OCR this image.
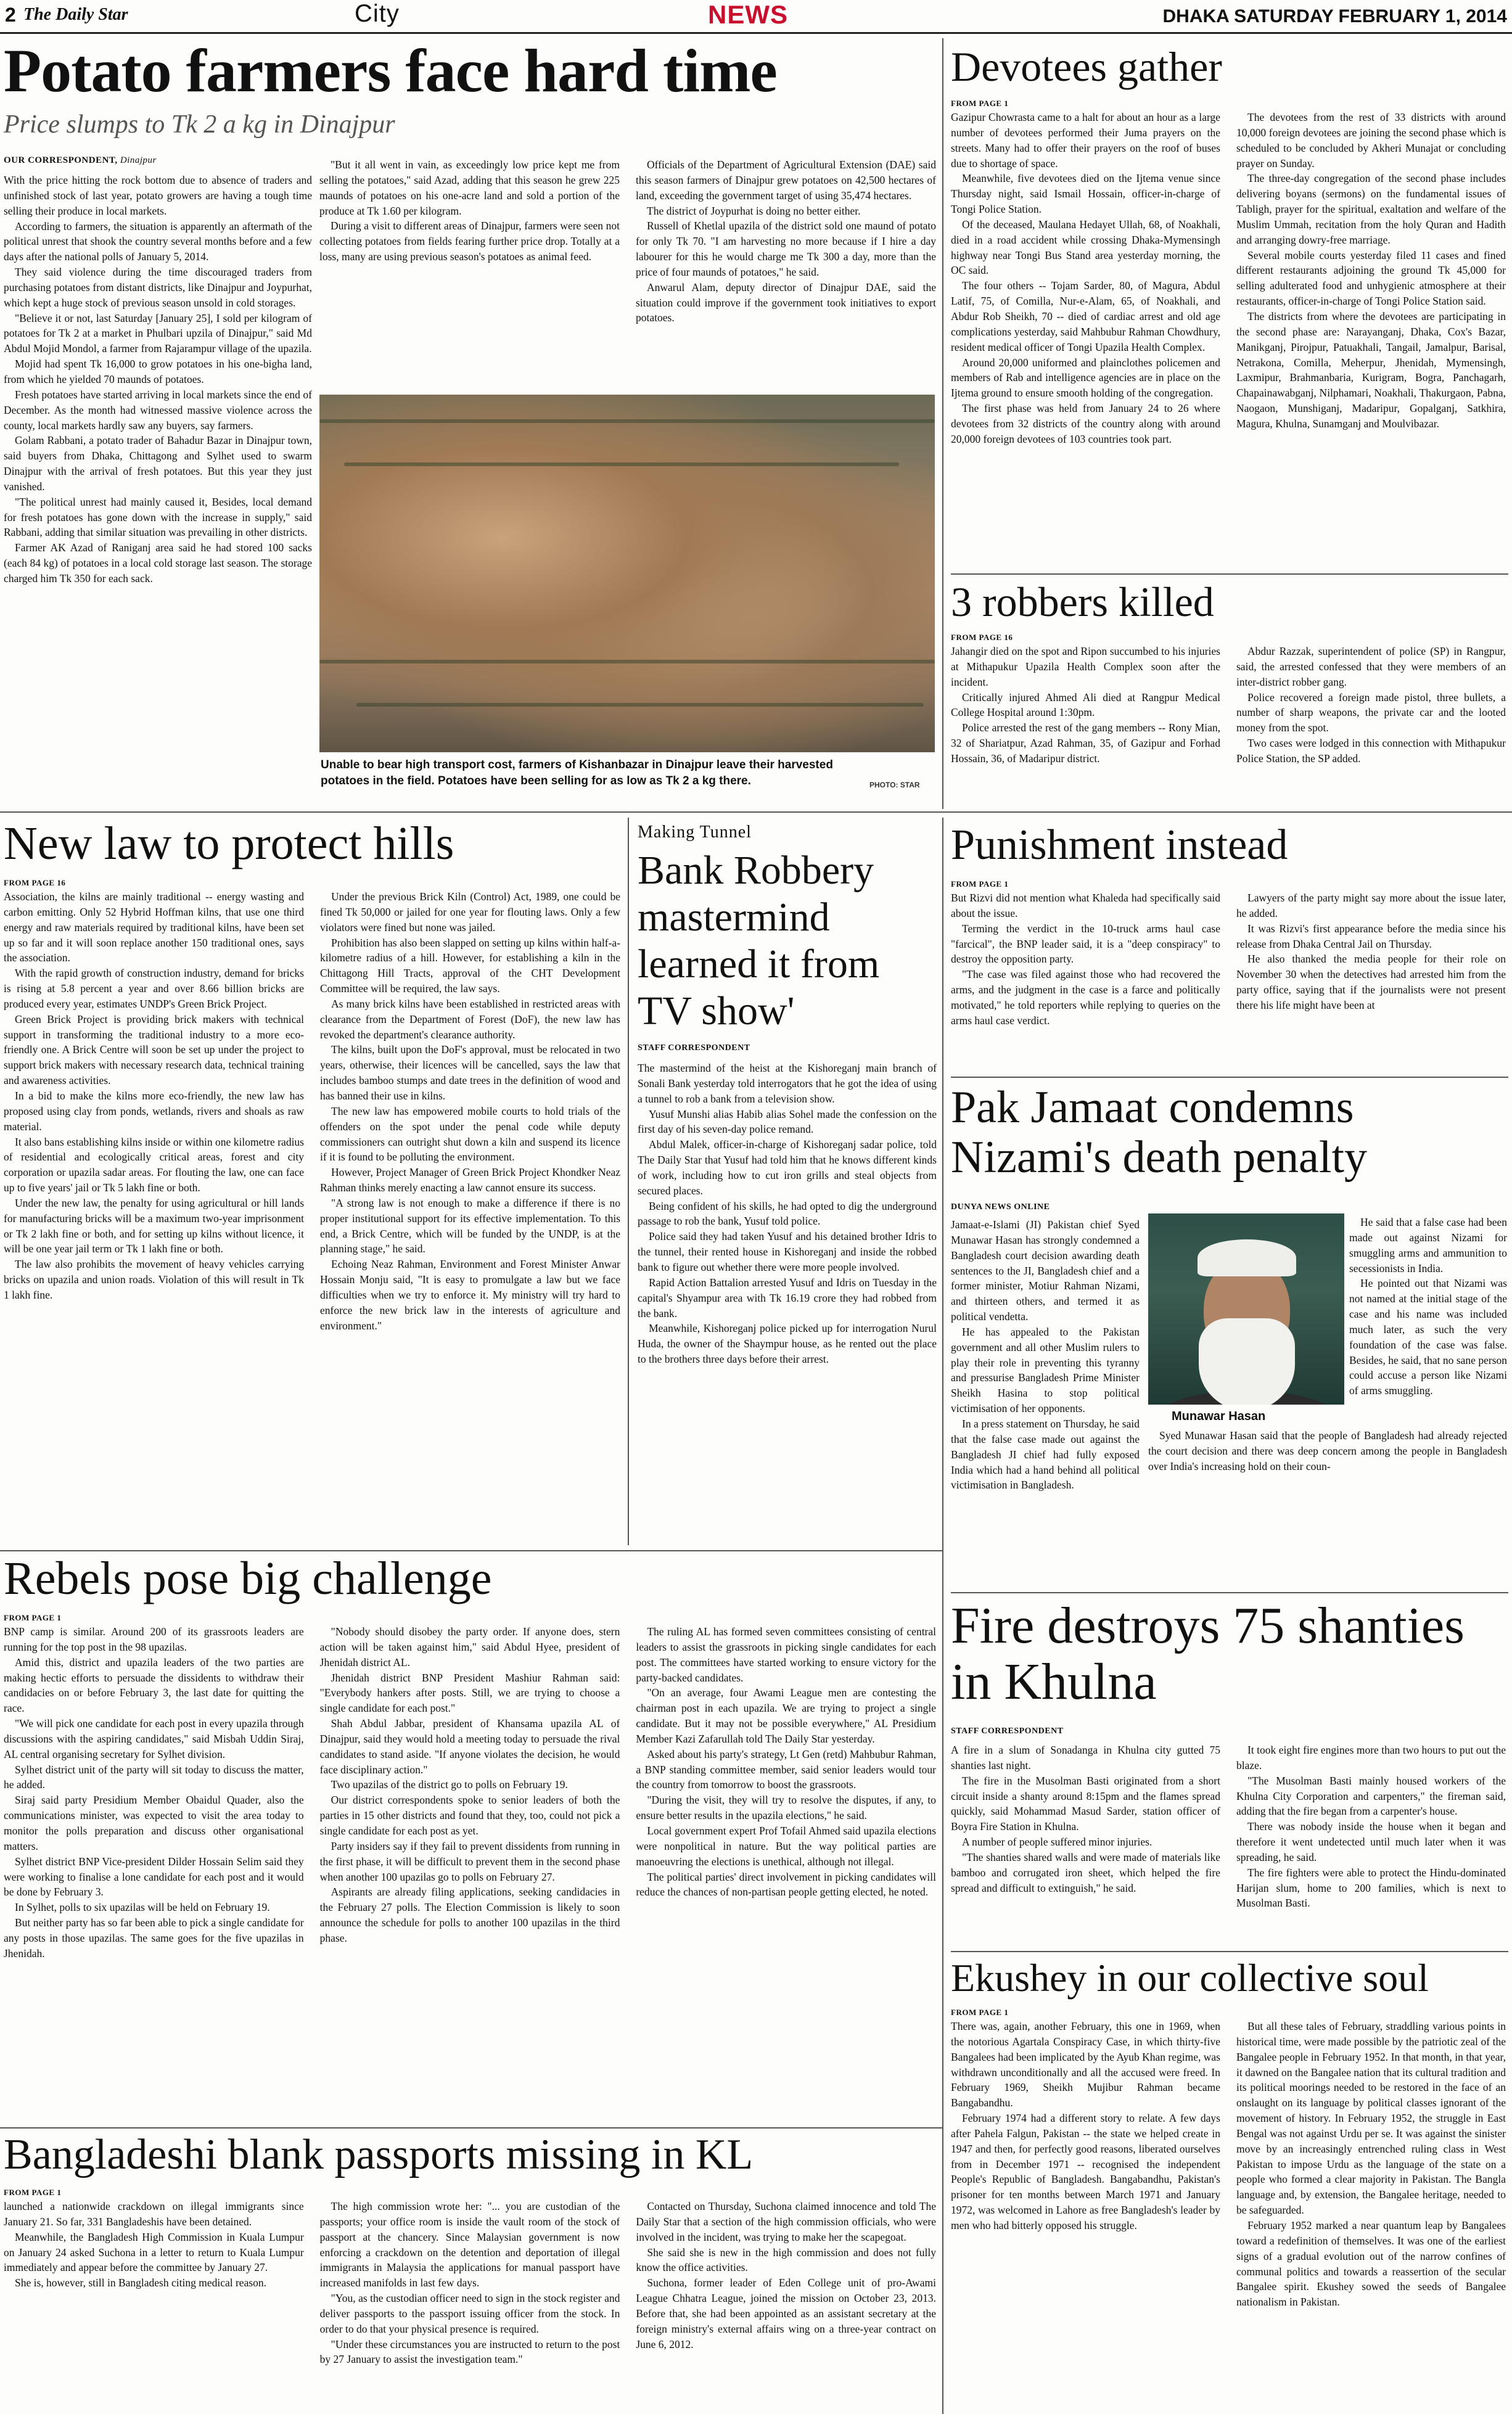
2 The Daily Star	City	NEWS	DHAKA SATURDAY FEBRUARY 1, 2014
Potato farmers face hard time
Price slumps to Tk 2 a kg in Dinajpur
OUR CORRESPONDENT, Dinajpur

With the price hitting the rock bottom due to absence of traders and unfinished stock of last year, potato growers are having a tough time selling their produce in local markets.

According to farmers, the situation is apparently an aftermath of the political unrest that shook the country several months before and a few days after the national polls of January 5, 2014.

They said violence during the time discouraged traders from purchasing potatoes from distant districts, like Dinajpur and Joypurhat, which kept a huge stock of previous season unsold in cold storages.

"Believe it or not, last Saturday [January 25], I sold per kilogram of potatoes for Tk 2 at a market in Phulbari upzila of Dinajpur," said Md Abdul Mojid Mondol, a farmer from Rajarampur village of the upazila.

Mojid had spent Tk 16,000 to grow potatoes in his one-bigha land, from which he yielded 70 maunds of potatoes.

Fresh potatoes have started arriving in local markets since the end of December. As the month had witnessed massive violence across the county, local markets hardly saw any buyers, say farmers.

Golam Rabbani, a potato trader of Bahadur Bazar in Dinajpur town, said buyers from Dhaka, Chittagong and Sylhet used to swarm Dinajpur with the arrival of fresh potatoes. But this year they just vanished.

"The political unrest had mainly caused it, Besides, local demand for fresh potatoes has gone down with the increase in supply," said Rabbani, adding that similar situation was prevailing in other districts.

Farmer AK Azad of Raniganj area said he had stored 100 sacks (each 84 kg) of potatoes in a local cold storage last season. The storage charged him Tk 350 for each sack.

"But it all went in vain, as exceedingly low price kept me from selling the potatoes," said Azad, adding that this season he grew 225 maunds of potatoes on his one-acre land and sold a portion of the produce at Tk 1.60 per kilogram.

During a visit to different areas of Dinajpur, farmers were seen not collecting potatoes from fields fearing further price drop. Totally at a loss, many are using previous season's potatoes as animal feed.

Officials of the Department of Agricultural Extension (DAE) said this season farmers of Dinajpur grew potatoes on 42,500 hectares of land, exceeding the government target of using 35,474 hectares.

The district of Joypurhat is doing no better either.

Russell of Khetlal upazila of the district sold one maund of potato for only Tk 70. "I am harvesting no more because if I hire a day labourer for this he would charge me Tk 300 a day, more than the price of four maunds of potatoes," he said.

Anwarul Alam, deputy director of Dinajpur DAE, said the situation could improve if the government took initiatives to export potatoes.

Unable to bear high transport cost, farmers of Kishanbazar in Dinajpur leave their harvested potatoes in the field. Potatoes have been selling for as low as Tk 2 a kg there.	PHOTO: STAR
Devotees gather
FROM PAGE 1

Gazipur Chowrasta came to a halt for about an hour as a large number of devotees performed their Juma prayers on the streets. Many had to offer their prayers on the roof of buses due to shortage of space.

Meanwhile, five devotees died on the Ijtema venue since Thursday night, said Ismail Hossain, officer-in-charge of Tongi Police Station.

Of the deceased, Maulana Hedayet Ullah, 68, of Noakhali, died in a road accident while crossing Dhaka-Mymensingh highway near Tongi Bus Stand area yesterday morning, the OC said.

The four others -- Tojam Sarder, 80, of Magura, Abdul Latif, 75, of Comilla, Nur-e-Alam, 65, of Noakhali, and Abdur Rob Sheikh, 70 -- died of cardiac arrest and old age complications yesterday, said Mahbubur Rahman Chowdhury, resident medical officer of Tongi Upazila Health Complex.

Around 20,000 uniformed and plainclothes policemen and members of Rab and intelligence agencies are in place on the Ijtema ground to ensure smooth holding of the congregation.

The first phase was held from January 24 to 26 where devotees from 32 districts of the country along with around 20,000 foreign devotees of 103 countries took part.

The devotees from the rest of 33 districts with around 10,000 foreign devotees are joining the second phase which is scheduled to be concluded by Akheri Munajat or concluding prayer on Sunday.

The three-day congregation of the second phase includes delivering boyans (sermons) on the fundamental issues of Tabligh, prayer for the spiritual, exaltation and welfare of the Muslim Ummah, recitation from the holy Quran and Hadith and arranging dowry-free marriage.

Several mobile courts yesterday filed 11 cases and fined different restaurants adjoining the ground Tk 45,000 for selling adulterated food and unhygienic atmosphere at their restaurants, officer-in-charge of Tongi Police Station said.

The districts from where the devotees are participating in the second phase are: Narayanganj, Dhaka, Cox's Bazar, Manikganj, Pirojpur, Patuakhali, Tangail, Jamalpur, Barisal, Netrakona, Comilla, Meherpur, Jhenidah, Mymensingh, Laxmipur, Brahmanbaria, Kurigram, Bogra, Panchagarh, Chapainawabganj, Nilphamari, Noakhali, Thakurgaon, Pabna, Naogaon, Munshiganj, Madaripur, Gopalganj, Satkhira, Magura, Khulna, Sunamganj and Moulvibazar.

3 robbers killed
FROM PAGE 16

Jahangir died on the spot and Ripon succumbed to his injuries at Mithapukur Upazila Health Complex soon after the incident.

Critically injured Ahmed Ali died at Rangpur Medical College Hospital around 1:30pm.

Police arrested the rest of the gang members -- Rony Mian, 32 of Shariatpur, Azad Rahman, 35, of Gazipur and Forhad Hossain, 36, of Madaripur district.

Abdur Razzak, superintendent of police (SP) in Rangpur, said, the arrested confessed that they were members of an inter-district robber gang.

Police recovered a foreign made pistol, three bullets, a number of sharp weapons, the private car and the looted money from the spot.

Two cases were lodged in this connection with Mithapukur Police Station, the SP added.

New law to protect hills
FROM PAGE 16

Association, the kilns are mainly traditional -- energy wasting and carbon emitting. Only 52 Hybrid Hoffman kilns, that use one third energy and raw materials required by traditional kilns, have been set up so far and it will soon replace another 150 traditional ones, says the association.

With the rapid growth of construction industry, demand for bricks is rising at 5.8 percent a year and over 8.66 billion bricks are produced every year, estimates UNDP's Green Brick Project.

Green Brick Project is providing brick makers with technical support in transforming the traditional industry to a more eco-friendly one. A Brick Centre will soon be set up under the project to support brick makers with necessary research data, technical training and awareness activities.

In a bid to make the kilns more eco-friendly, the new law has proposed using clay from ponds, wetlands, rivers and shoals as raw material.

It also bans establishing kilns inside or within one kilometre radius of residential and ecologically critical areas, forest and city corporation or upazila sadar areas. For flouting the law, one can face up to five years' jail or Tk 5 lakh fine or both.

Under the new law, the penalty for using agricultural or hill lands for manufacturing bricks will be a maximum two-year imprisonment or Tk 2 lakh fine or both, and for setting up kilns without licence, it will be one year jail term or Tk 1 lakh fine or both.

The law also prohibits the movement of heavy vehicles carrying bricks on upazila and union roads. Violation of this will result in Tk 1 lakh fine.

Under the previous Brick Kiln (Control) Act, 1989, one could be fined Tk 50,000 or jailed for one year for flouting laws. Only a few violators were fined but none was jailed.

Prohibition has also been slapped on setting up kilns within half-a-kilometre radius of a hill. However, for establishing a kiln in the Chittagong Hill Tracts, approval of the CHT Development Committee will be required, the law says.

As many brick kilns have been established in restricted areas with clearance from the Department of Forest (DoF), the new law has revoked the department's clearance authority.

The kilns, built upon the DoF's approval, must be relocated in two years, otherwise, their licences will be cancelled, says the law that includes bamboo stumps and date trees in the definition of wood and has banned their use in kilns.

The new law has empowered mobile courts to hold trials of the offenders on the spot under the penal code while deputy commissioners can outright shut down a kiln and suspend its licence if it is found to be polluting the environment.

However, Project Manager of Green Brick Project Khondker Neaz Rahman thinks merely enacting a law cannot ensure its success.

"A strong law is not enough to make a difference if there is no proper institutional support for its effective implementation. To this end, a Brick Centre, which will be funded by the UNDP, is at the planning stage," he said.

Echoing Neaz Rahman, Environment and Forest Minister Anwar Hossain Monju said, "It is easy to promulgate a law but we face difficulties when we try to enforce it. My ministry will try hard to enforce the new brick law in the interests of agriculture and environment."

Making Tunnel
Bank Robbery mastermind learned it from TV show'
STAFF CORRESPONDENT

The mastermind of the heist at the Kishoreganj main branch of Sonali Bank yesterday told interrogators that he got the idea of using a tunnel to rob a bank from a television show.

Yusuf Munshi alias Habib alias Sohel made the confession on the first day of his seven-day police remand.

Abdul Malek, officer-in-charge of Kishoreganj sadar police, told The Daily Star that Yusuf had told him that he knows different kinds of work, including how to cut iron grills and steal objects from secured places.

Being confident of his skills, he had opted to dig the underground passage to rob the bank, Yusuf told police.

Police said they had taken Yusuf and his detained brother Idris to the tunnel, their rented house in Kishoreganj and inside the robbed bank to figure out whether there were more people involved.

Rapid Action Battalion arrested Yusuf and Idris on Tuesday in the capital's Shyampur area with Tk 16.19 crore they had robbed from the bank.

Meanwhile, Kishoreganj police picked up for interrogation Nurul Huda, the owner of the Shaympur house, as he rented out the place to the brothers three days before their arrest.

Punishment instead
FROM PAGE 1

But Rizvi did not mention what Khaleda had specifically said about the issue.

Terming the verdict in the 10-truck arms haul case "farcical", the BNP leader said, it is a "deep conspiracy" to destroy the opposition party.

"The case was filed against those who had recovered the arms, and the judgment in the case is a farce and politically motivated," he told reporters while replying to queries on the arms haul case verdict.

Lawyers of the party might say more about the issue later, he added.

It was Rizvi's first appearance before the media since his release from Dhaka Central Jail on Thursday.

He also thanked the media people for their role on November 30 when the detectives had arrested him from the party office, saying that if the journalists were not present there his life might have been at

Pak Jamaat condemns Nizami's death penalty
DUNYA NEWS ONLINE
Munawar Hasan

Jamaat-e-Islami (JI) Pakistan chief Syed Munawar Hasan has strongly condemned a Bangladesh court decision awarding death sentences to the JI, Bangladesh chief and a former minister, Motiur Rahman Nizami, and thirteen others, and termed it as political vendetta.

He has appealed to the Pakistan government and all other Muslim rulers to play their role in preventing this tyranny and pressurise Bangladesh Prime Minister Sheikh Hasina to stop political victimisation of her opponents.

In a press statement on Thursday, he said that the false case made out against the Bangladesh JI chief had fully exposed India which had a hand behind all political victimisation in Bangladesh.

He said that a false case had been made out against Nizami for smuggling arms and ammunition to secessionists in India.

He pointed out that Nizami was not named at the initial stage of the case and his name was included much later, as such the very foundation of the case was false. Besides, he said, that no sane person could accuse a person like Nizami of arms smuggling.

Syed Munawar Hasan said that the people of Bangladesh had already rejected the court decision and there was deep concern among the people in Bangladesh over India's increasing hold on their coun-

Rebels pose big challenge
FROM PAGE 1

BNP camp is similar. Around 200 of its grassroots leaders are running for the top post in the 98 upazilas.

Amid this, district and upazila leaders of the two parties are making hectic efforts to persuade the dissidents to withdraw their candidacies on or before February 3, the last date for quitting the race.

"We will pick one candidate for each post in every upazila through discussions with the aspiring candidates," said Misbah Uddin Siraj, AL central organising secretary for Sylhet division.

Sylhet district unit of the party will sit today to discuss the matter, he added.

Siraj said party Presidium Member Obaidul Quader, also the communications minister, was expected to visit the area today to monitor the polls preparation and discuss other organisational matters.

Sylhet district BNP Vice-president Dilder Hossain Selim said they were working to finalise a lone candidate for each post and it would be done by February 3.

In Sylhet, polls to six upazilas will be held on February 19.

But neither party has so far been able to pick a single candidate for any posts in those upazilas. The same goes for the five upazilas in Jhenidah.

"Nobody should disobey the party order. If anyone does, stern action will be taken against him," said Abdul Hyee, president of Jhenidah district AL.

Jhenidah district BNP President Mashiur Rahman said: "Everybody hankers after posts. Still, we are trying to choose a single candidate for each post."

Shah Abdul Jabbar, president of Khansama upazila AL of Dinajpur, said they would hold a meeting today to persuade the rival candidates to stand aside. "If anyone violates the decision, he would face disciplinary action."

Two upazilas of the district go to polls on February 19.

Our district correspondents spoke to senior leaders of both the parties in 15 other districts and found that they, too, could not pick a single candidate for each post as yet.

Party insiders say if they fail to prevent dissidents from running in the first phase, it will be difficult to prevent them in the second phase when another 100 upazilas go to polls on February 27.

Aspirants are already filing applications, seeking candidacies in the February 27 polls. The Election Commission is likely to soon announce the schedule for polls to another 100 upazilas in the third phase.

The ruling AL has formed seven committees consisting of central leaders to assist the grassroots in picking single candidates for each post. The committees have started working to ensure victory for the party-backed candidates.

"On an average, four Awami League men are contesting the chairman post in each upazila. We are trying to project a single candidate. But it may not be possible everywhere," AL Presidium Member Kazi Zafarullah told The Daily Star yesterday.

Asked about his party's strategy, Lt Gen (retd) Mahbubur Rahman, a BNP standing committee member, said senior leaders would tour the country from tomorrow to boost the grassroots.

"During the visit, they will try to resolve the disputes, if any, to ensure better results in the upazila elections," he said.

Local government expert Prof Tofail Ahmed said upazila elections were nonpolitical in nature. But the way political parties are manoeuvring the elections is unethical, although not illegal.

The political parties' direct involvement in picking candidates will reduce the chances of non-partisan people getting elected, he noted.

Fire destroys 75 shanties in Khulna
STAFF CORRESPONDENT

A fire in a slum of Sonadanga in Khulna city gutted 75 shanties last night.

The fire in the Musolman Basti originated from a short circuit inside a shanty around 8:15pm and the flames spread quickly, said Mohammad Masud Sarder, station officer of Boyra Fire Station in Khulna.

A number of people suffered minor injuries.

"The shanties shared walls and were made of materials like bamboo and corrugated iron sheet, which helped the fire spread and difficult to extinguish," he said.

It took eight fire engines more than two hours to put out the blaze.

"The Musolman Basti mainly housed workers of the Khulna City Corporation and carpenters," the fireman said, adding that the fire began from a carpenter's house.

There was nobody inside the house when it began and therefore it went undetected until much later when it was spreading, he said.

The fire fighters were able to protect the Hindu-dominated Harijan slum, home to 200 families, which is next to Musolman Basti.

Ekushey in our collective soul
FROM PAGE 1

There was, again, another February, this one in 1969, when the notorious Agartala Conspiracy Case, in which thirty-five Bangalees had been implicated by the Ayub Khan regime, was withdrawn unconditionally and all the accused were freed. In February 1969, Sheikh Mujibur Rahman became Bangabandhu.

February 1974 had a different story to relate. A few days after Pahela Falgun, Pakistan -- the state we helped create in 1947 and then, for perfectly good reasons, liberated ourselves from in December 1971 -- recognised the independent People's Republic of Bangladesh. Bangabandhu, Pakistan's prisoner for ten months between March 1971 and January 1972, was welcomed in Lahore as free Bangladesh's leader by men who had bitterly opposed his struggle.

But all these tales of February, straddling various points in historical time, were made possible by the patriotic zeal of the Bangalee people in February 1952. In that month, in that year, it dawned on the Bangalee nation that its cultural tradition and its political moorings needed to be restored in the face of an onslaught on its language by political classes ignorant of the movement of history. In February 1952, the struggle in East Bengal was not against Urdu per se. It was against the sinister move by an increasingly entrenched ruling class in West Pakistan to impose Urdu as the language of the state on a people who formed a clear majority in Pakistan. The Bangla language and, by extension, the Bangalee heritage, needed to be safeguarded.

February 1952 marked a near quantum leap by Bangalees toward a redefinition of themselves. It was one of the earliest signs of a gradual evolution out of the narrow confines of communal politics and towards a reassertion of the secular Bangalee spirit. Ekushey sowed the seeds of Bangalee nationalism in Pakistan.

Bangladeshi blank passports missing in KL
FROM PAGE 1

launched a nationwide crackdown on illegal immigrants since January 21. So far, 331 Bangladeshis have been detained.

Meanwhile, the Bangladesh High Commission in Kuala Lumpur on January 24 asked Suchona in a letter to return to Kuala Lumpur immediately and appear before the committee by January 27.

She is, however, still in Bangladesh citing medical reason.

The high commission wrote her: "... you are custodian of the passports; your office room is inside the vault room of the stock of passport at the chancery. Since Malaysian government is now enforcing a crackdown on the detention and deportation of illegal immigrants in Malaysia the applications for manual passport have increased manifolds in last few days.

"You, as the custodian officer need to sign in the stock register and deliver passports to the passport issuing officer from the stock. In order to do that your physical presence is required.

"Under these circumstances you are instructed to return to the post by 27 January to assist the investigation team."

Contacted on Thursday, Suchona claimed innocence and told The Daily Star that a section of the high commission officials, who were involved in the incident, was trying to make her the scapegoat.

She said she is new in the high commission and does not fully know the office activities.

Suchona, former leader of Eden College unit of pro-Awami League Chhatra League, joined the mission on October 23, 2013. Before that, she had been appointed as an assistant secretary at the foreign ministry's external affairs wing on a three-year contract on June 6, 2012.
